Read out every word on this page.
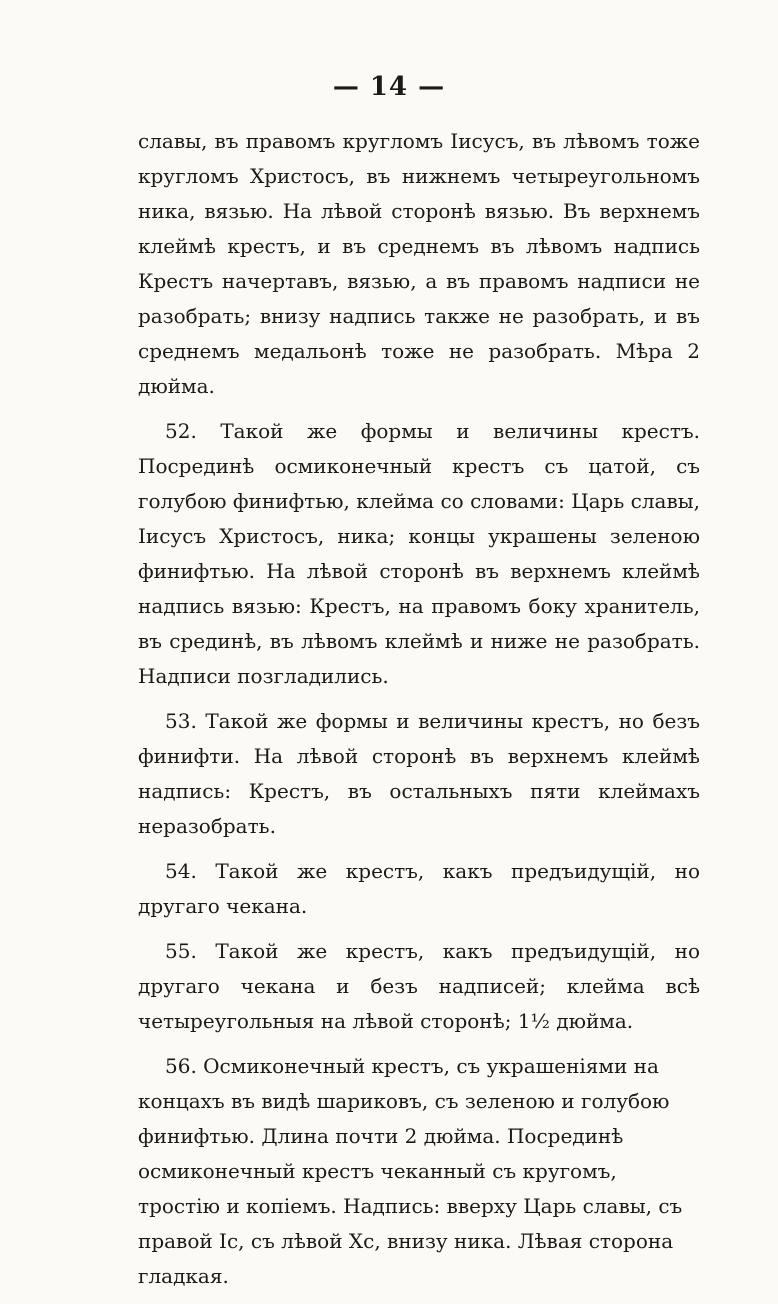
— 14 —

славы, въ правомъ кругломъ Іисусъ, въ лѣвомъ тоже кругломъ Христосъ, въ нижнемъ четыреугольномъ ника, вязью. На лѣвой сторонѣ вязью. Въ верхнемъ клеймѣ крестъ, и въ среднемъ въ лѣвомъ надпись Крестъ начертавъ, вязью, а въ правомъ надписи не разобрать; внизу надпись также не разобрать, и въ среднемъ медальонѣ тоже не разобрать. Мѣра 2 дюйма.

52. Такой же формы и величины крестъ. Посрединѣ осмиконечный крестъ съ цатой, съ голубою финифтью, клейма со словами: Царь славы, Іисусъ Христосъ, ника; концы украшены зеленою финифтью. На лѣвой сторонѣ въ верхнемъ клеймѣ надпись вязью: Крестъ, на правомъ боку хранитель, въ срединѣ, въ лѣвомъ клеймѣ и ниже не разобрать. Надписи позгладились.

53. Такой же формы и величины крестъ, но безъ финифти. На лѣвой сторонѣ въ верхнемъ клеймѣ надпись: Крестъ, въ остальныхъ пяти клеймахъ неразобрать.

54. Такой же крестъ, какъ предъидущій, но другаго чекана.

55. Такой же крестъ, какъ предъидущій, но другаго чекана и безъ надписей; клейма всѣ четыреугольныя на лѣвой сторонѣ; 1½ дюйма.

56. Осмиконечный крестъ, съ украшеніями на концахъ въ видѣ шариковъ, съ зеленою и голубою финифтью. Длина почти 2 дюйма. Посрединѣ осмиконечный крестъ чеканный съ кругомъ, тростію и копіемъ. Надпись: вверху Царь славы, съ правой Іс, съ лѣвой Хс, внизу ника. Лѣвая сторона гладкая.
